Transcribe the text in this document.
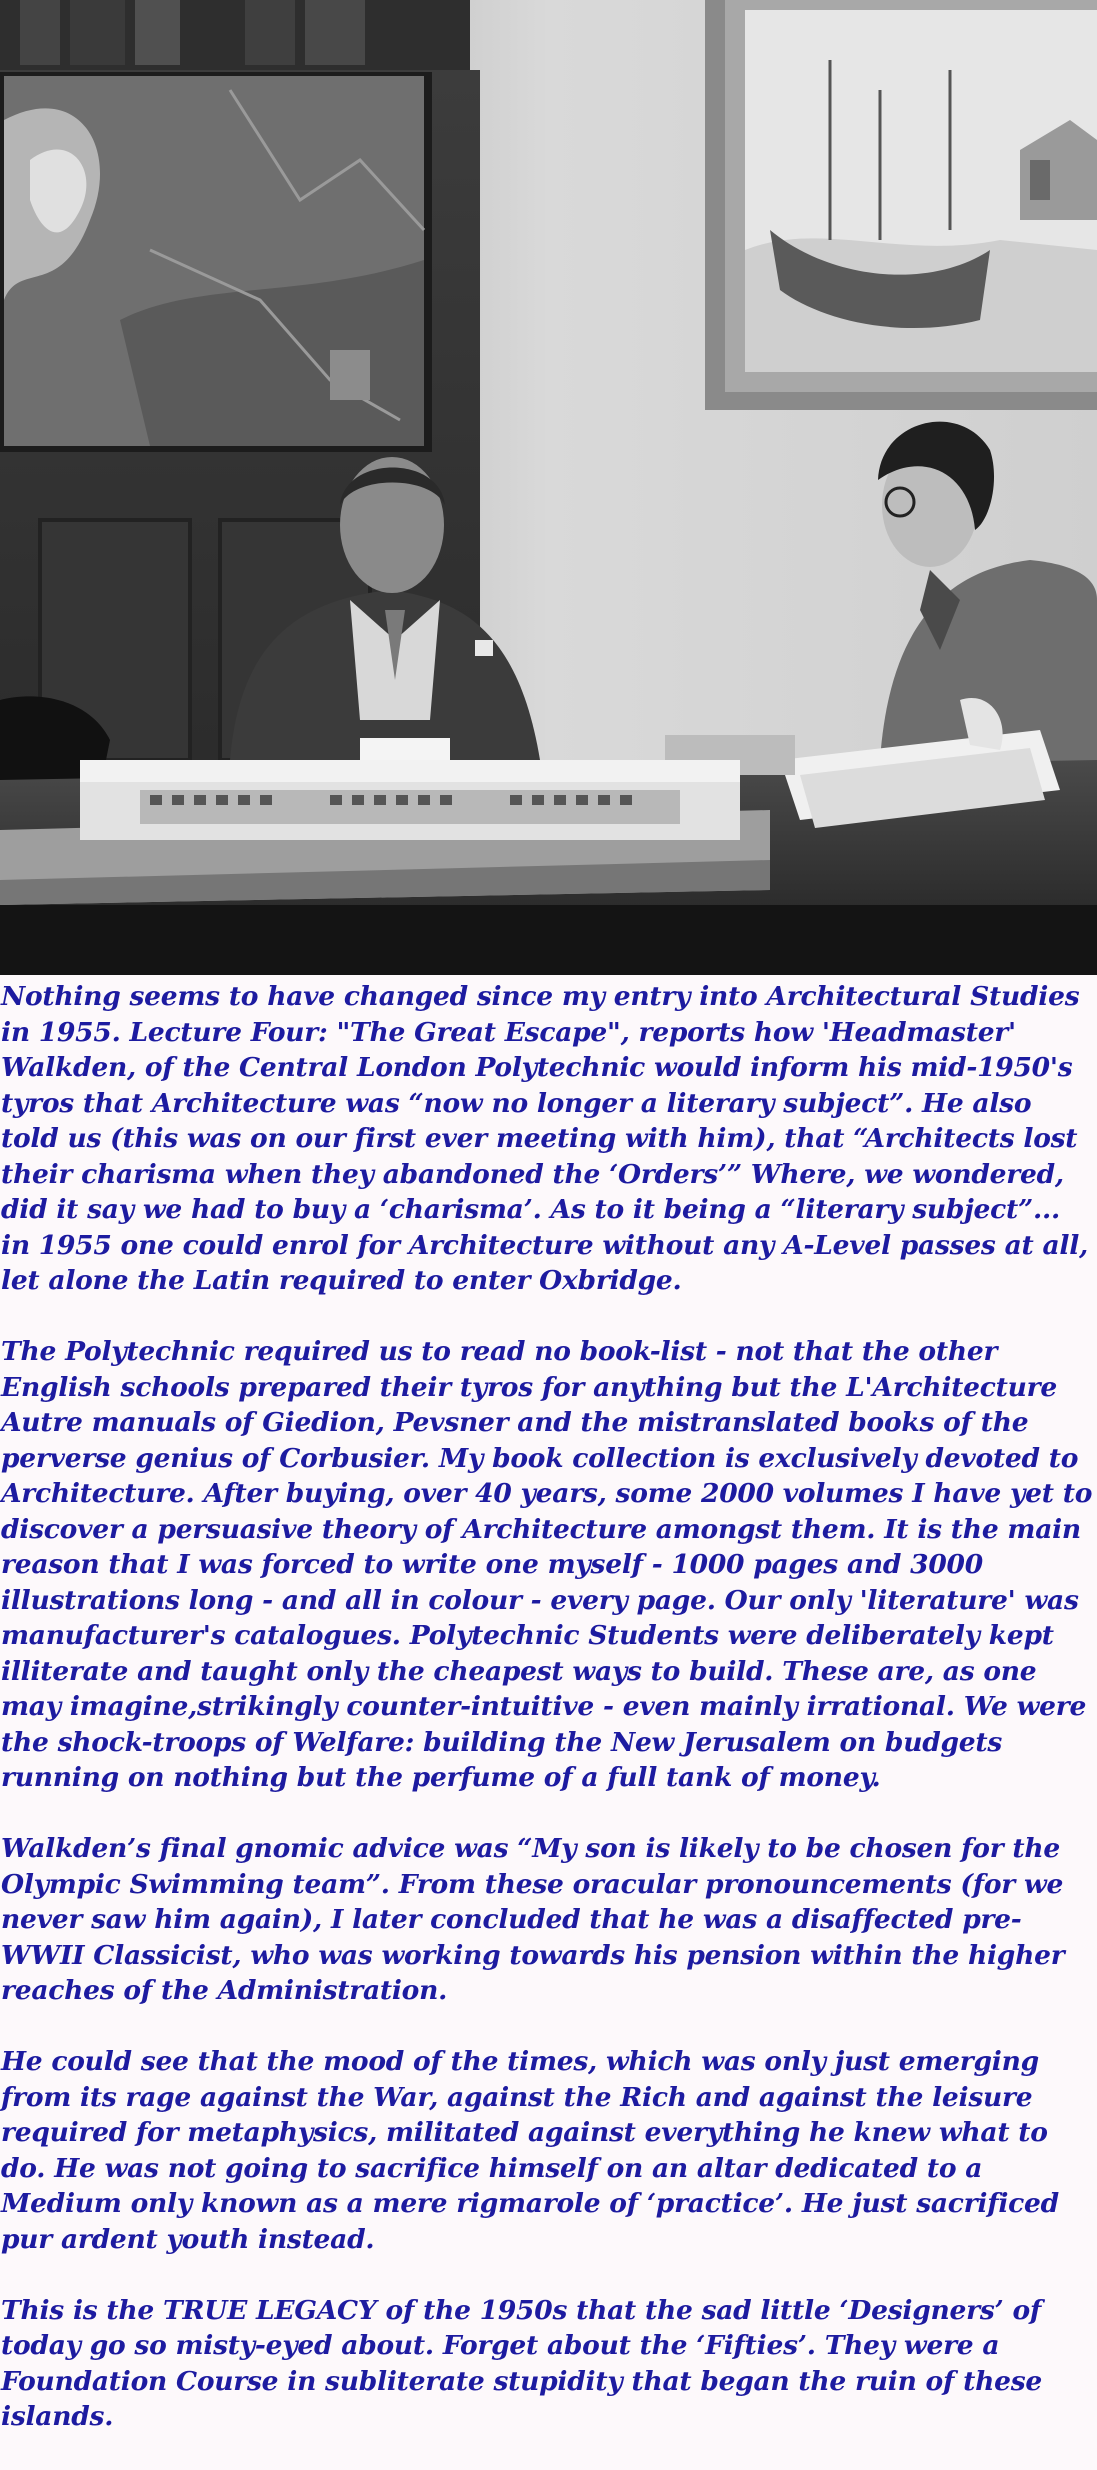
Nothing seems to have changed since my entry into Architectural Studies in 1955. Lecture Four: "The Great Escape", reports how 'Headmaster' Walkden, of the Central London Polytechnic would inform his mid-1950's tyros that Architecture was “now no longer a literary subject”. He also told us (this was on our first ever meeting with him), that “Architects lost their charisma when they abandoned the ‘Orders’” Where, we wondered, did it say we had to buy a ‘charisma’. As to it being a “literary subject”... in 1955 one could enrol for Architecture without any A-Level passes at all, let alone the Latin required to enter Oxbridge.

The Polytechnic required us to read no book-list - not that the other English schools prepared their tyros for anything but the L'Architecture Autre manuals of Giedion, Pevsner and the mistranslated books of the perverse genius of Corbusier. My book collection is exclusively devoted to Architecture. After buying, over 40 years, some 2000 volumes I have yet to discover a persuasive theory of Architecture amongst them. It is the main reason that I was forced to write one myself - 1000 pages and 3000 illustrations long - and all in colour - every page. Our only 'literature' was manufacturer's catalogues. Polytechnic Students were deliberately kept illiterate and taught only the cheapest ways to build. These are, as one may imagine,strikingly counter-intuitive - even mainly irrational. We were the shock-troops of Welfare: building the New Jerusalem on budgets running on nothing but the perfume of a full tank of money.

Walkden’s final gnomic advice was “My son is likely to be chosen for the Olympic Swimming team”. From these oracular pronouncements (for we never saw him again), I later concluded that he was a disaffected pre-WWII Classicist, who was working towards his pension within the higher reaches of the Administration.

He could see that the mood of the times, which was only just emerging from its rage against the War, against the Rich and against the leisure required for metaphysics, militated against everything he knew what to do. He was not going to sacrifice himself on an altar dedicated to a Medium only known as a mere rigmarole of ‘practice’. He just sacrificed pur ardent youth instead.

This is the TRUE LEGACY of the 1950s that the sad little ‘Designers’ of today go so misty-eyed about. Forget about the ‘Fifties’. They were a Foundation Course in subliterate stupidity that began the ruin of these islands.
